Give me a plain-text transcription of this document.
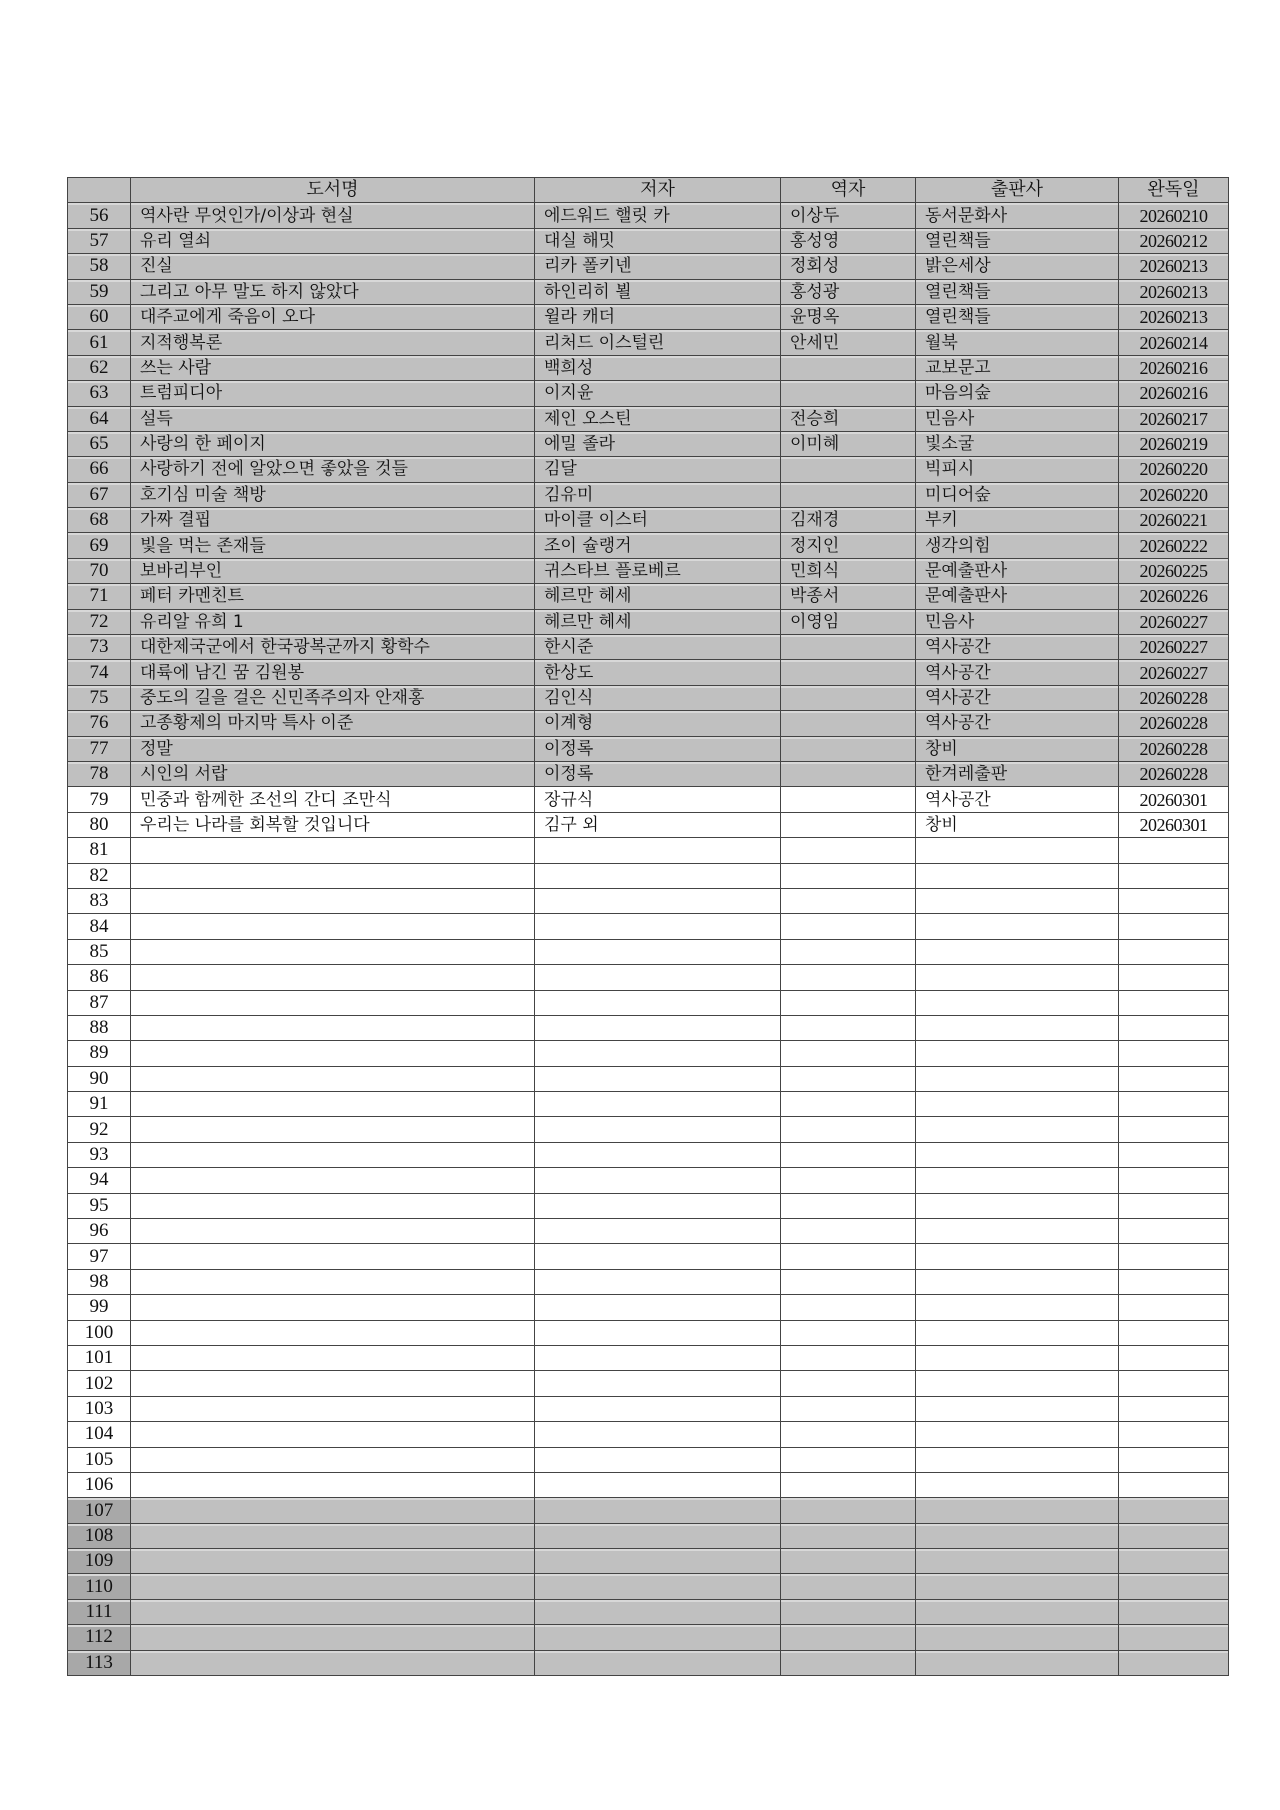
	도서명	저자	역자	출판사	완독일
56	역사란 무엇인가/이상과 현실	에드워드 핼릿 카	이상두	동서문화사	20260210
57	유리 열쇠	대실 해밋	홍성영	열린책들	20260212
58	진실	리카 폴키넨	정회성	밝은세상	20260213
59	그리고 아무 말도 하지 않았다	하인리히 뵐	홍성광	열린책들	20260213
60	대주교에게 죽음이 오다	윌라 캐더	윤명옥	열린책들	20260213
61	지적행복론	리처드 이스털린	안세민	월북	20260214
62	쓰는 사람	백희성		교보문고	20260216
63	트럼피디아	이지윤		마음의숲	20260216
64	설득	제인 오스틴	전승희	민음사	20260217
65	사랑의 한 페이지	에밀 졸라	이미혜	빛소굴	20260219
66	사랑하기 전에 알았으면 좋았을 것들	김달		빅피시	20260220
67	호기심 미술 책방	김유미		미디어숲	20260220
68	가짜 결핍	마이클 이스터	김재경	부키	20260221
69	빛을 먹는 존재들	조이 슐랭거	정지인	생각의힘	20260222
70	보바리부인	귀스타브 플로베르	민희식	문예출판사	20260225
71	페터 카멘친트	헤르만 헤세	박종서	문예출판사	20260226
72	유리알 유희 1	헤르만 헤세	이영임	민음사	20260227
73	대한제국군에서 한국광복군까지 황학수	한시준		역사공간	20260227
74	대륙에 남긴 꿈 김원봉	한상도		역사공간	20260227
75	중도의 길을 걸은 신민족주의자 안재홍	김인식		역사공간	20260228
76	고종황제의 마지막 특사 이준	이계형		역사공간	20260228
77	정말	이정록		창비	20260228
78	시인의 서랍	이정록		한겨레출판	20260228
79	민중과 함께한 조선의 간디 조만식	장규식		역사공간	20260301
80	우리는 나라를 회복할 것입니다	김구 외		창비	20260301
81					
82					
83					
84					
85					
86					
87					
88					
89					
90					
91					
92					
93					
94					
95					
96					
97					
98					
99					
100					
101					
102					
103					
104					
105					
106					
107					
108					
109					
110					
111					
112					
113					
